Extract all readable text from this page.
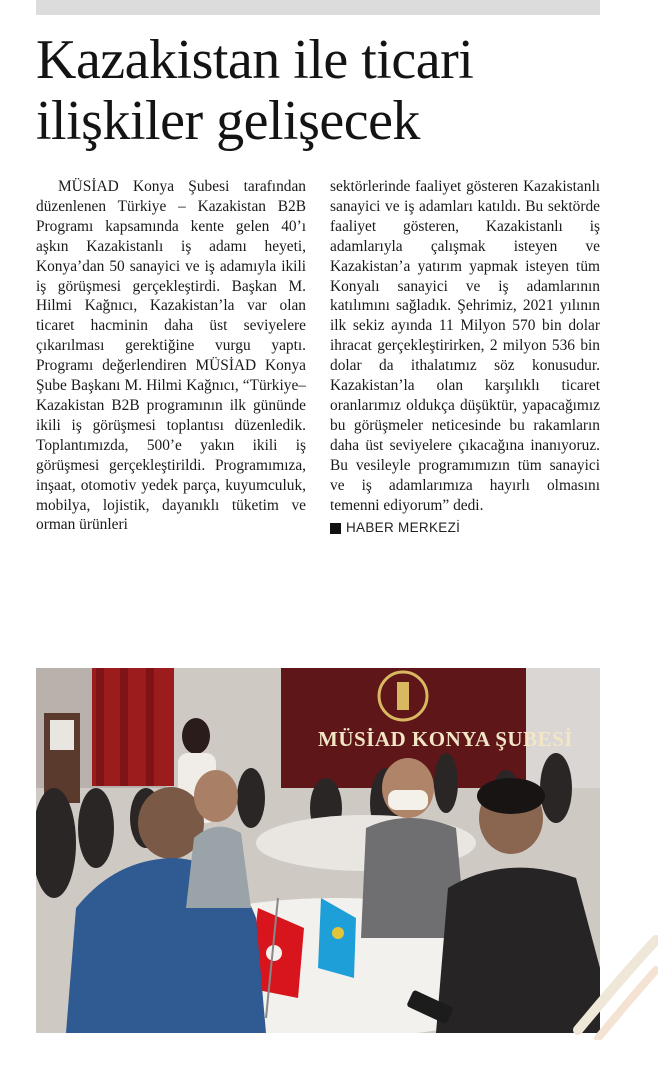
Kazakistan ile ticari
ilişkiler gelişecek

MÜSİAD Konya Şubesi tarafından düzenlenen Türkiye – Kazakistan B2B Programı kapsamında kente gelen 40’ı aşkın Kazakistanlı iş adamı heyeti, Konya’dan 50 sanayici ve iş adamıyla ikili iş görüşmesi gerçekleştirdi. Başkan M. Hilmi Kağnıcı, Kazakistan’la var olan ticaret hacminin daha üst seviyelere çıkarılması gerektiğine vurgu yaptı. Programı değerlendiren MÜSİAD Konya Şube Başkanı M. Hilmi Kağnıcı, “Türkiye–Kazakistan B2B programının ilk gününde ikili iş görüşmesi toplantısı düzenledik. Toplantımızda, 500’e yakın ikili iş görüşmesi gerçekleştirildi. Programımıza, inşaat, otomotiv yedek parça, kuyumculuk, mobilya, lojistik, dayanıklı tüketim ve orman ürünleri

sektörlerinde faaliyet gösteren Kazakistanlı sanayici ve iş adamları katıldı. Bu sektörde faaliyet gösteren, Kazakistanlı iş adamlarıyla çalışmak isteyen ve Kazakistan’a yatırım yapmak isteyen tüm Konyalı sanayici ve iş adamlarının katılımını sağladık. Şehrimiz, 2021 yılının ilk sekiz ayında 11 Milyon 570 bin dolar ihracat gerçekleştirirken, 2 milyon 536 bin dolar da ithalatımız söz konusudur. Kazakistan’la olan karşılıklı ticaret oranlarımız oldukça düşüktür, yapacağımız bu görüşmeler neticesinde bu rakamların daha üst seviyelere çıkacağına inanıyoruz. Bu vesileyle programımızın tüm sanayici ve iş adamlarımıza hayırlı olmasını temenni ediyorum” dedi.

HABER MERKEZİ
MÜSİAD KONYA ŞUBESİ
